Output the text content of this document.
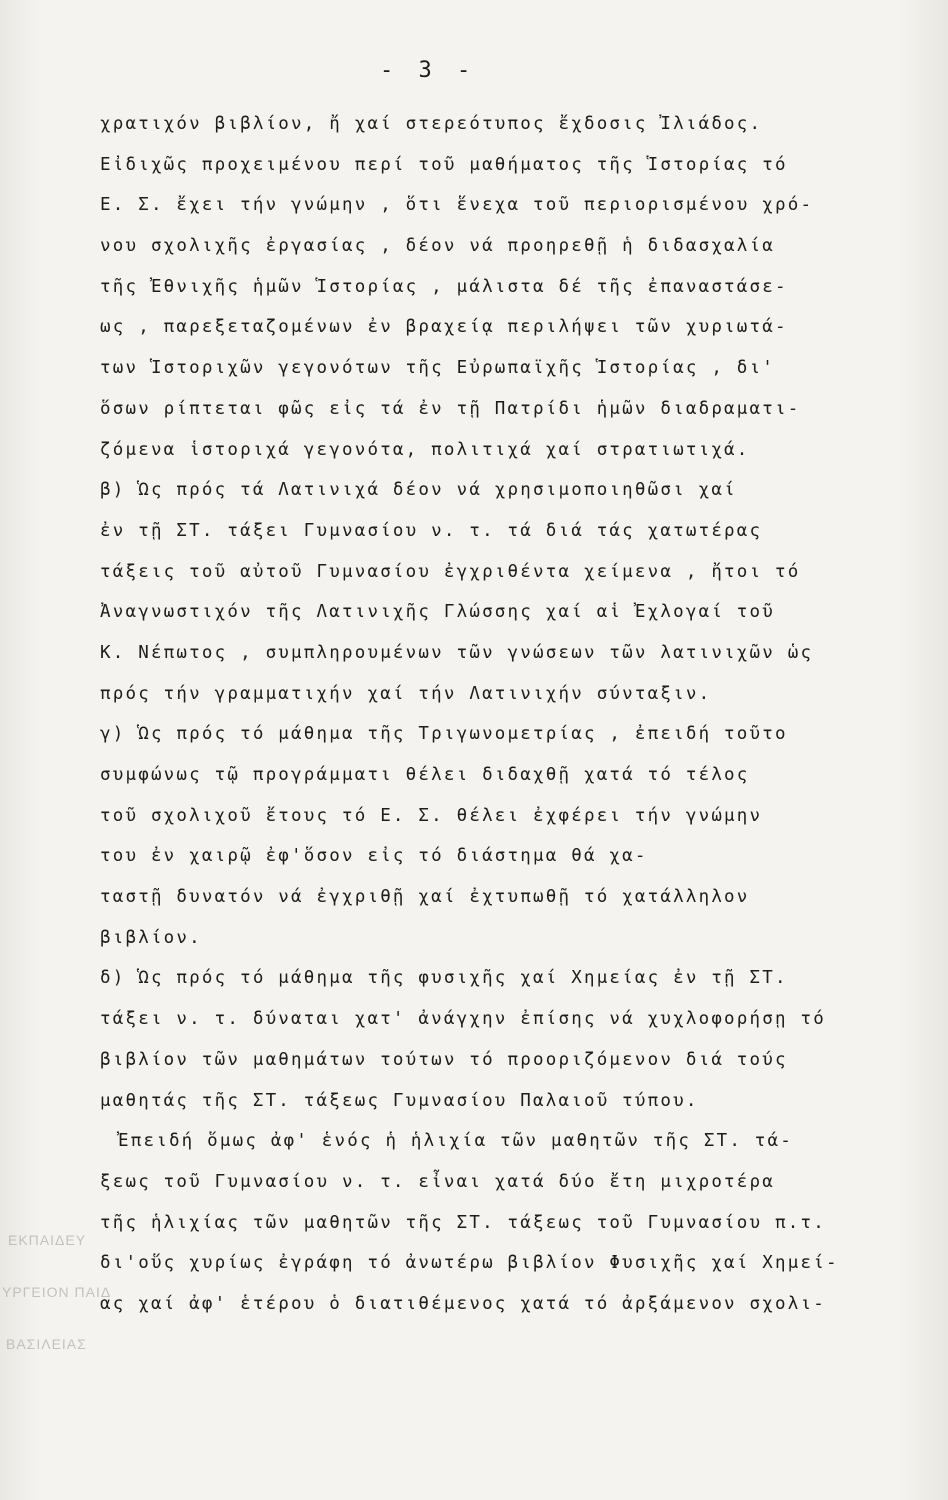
ΕΚΠΑΙΔΕΥ
ΥΡΓΕΙΟΝ ΠΑΙΔ
ΒΑΣΙΛΕΙΑΣ
- 3 -
χρατιχόν βιβλίον, ἤ χαί στερεότυπος ἔχδοσις Ἰλιάδος.
Εἰδιχῶς προχειμένου περί τοῦ μαθήματος τῆς Ἱστορίας τό
Ε. Σ. ἔχει τήν γνώμην , ὅτι ἕνεχα τοῦ περιορισμένου χρό-
νου σχολιχῆς ἐργασίας , δέον νά προηρεθῇ ἡ διδασχαλία
τῆς Ἐθνιχῆς ἡμῶν Ἱστορίας , μάλιστα δέ τῆς ἐπαναστάσε-
ως , παρεξεταζομένων ἐν βραχείᾳ περιλήψει τῶν χυριωτά-
των Ἱστοριχῶν γεγονότων τῆς Εὐρωπαϊχῆς Ἱστορίας , δι'
ὅσων ρίπτεται φῶς εἰς τά ἐν τῇ Πατρίδι ἡμῶν διαδραματι-
ζόμενα ἱστοριχά γεγονότα, πολιτιχά χαί στρατιωτιχά.
β) Ὡς πρός τά Λατινιχά δέον νά χρησιμοποιηθῶσι χαί
ἐν τῇ ΣΤ. τάξει Γυμνασίου ν. τ. τά διά τάς χατωτέρας
τάξεις τοῦ αὐτοῦ Γυμνασίου ἐγχριθέντα χείμενα , ἤτοι τό
Ἀναγνωστιχόν τῆς Λατινιχῆς Γλώσσης χαί αἱ Ἐχλογαί τοῦ
Κ. Νέπωτος , συμπληρουμένων τῶν γνώσεων τῶν λατινιχῶν ὡς
πρός τήν γραμματιχήν χαί τήν Λατινιχήν σύνταξιν.
γ) Ὡς πρός τό μάθημα τῆς Τριγωνομετρίας , ἐπειδή τοῦτο
συμφώνως τῷ προγράμματι θέλει διδαχθῇ χατά τό τέλος
τοῦ σχολιχοῦ ἔτους τό Ε. Σ. θέλει ἐχφέρει τήν γνώμην
του ἐν χαιρῷ ἐφ'ὅσον εἰς τό διάστημα θά χα-
ταστῇ δυνατόν νά ἐγχριθῇ χαί ἐχτυπωθῇ τό χατάλληλον
βιβλίον.
δ) Ὡς πρός τό μάθημα τῆς φυσιχῆς χαί Χημείας ἐν τῇ ΣΤ.
τάξει ν. τ. δύναται χατ' ἀνάγχην ἐπίσης νά χυχλοφορήσῃ τό
βιβλίον τῶν μαθημάτων τούτων τό προοριζόμενον διά τούς
μαθητάς τῆς ΣΤ. τάξεως Γυμνασίου Παλαιοῦ τύπου.
Ἐπειδή ὅμως ἀφ' ἑνός ἡ ἡλιχία τῶν μαθητῶν τῆς ΣΤ. τά-
ξεως τοῦ Γυμνασίου ν. τ. εἶναι χατά δύο ἔτη μιχροτέρα
τῆς ἡλιχίας τῶν μαθητῶν τῆς ΣΤ. τάξεως τοῦ Γυμνασίου π.τ.
δι'οὕς χυρίως ἐγράφη τό ἀνωτέρω βιβλίον Φυσιχῆς χαί Χημεί-
ας χαί ἀφ' ἑτέρου ὁ διατιθέμενος χατά τό ἀρξάμενον σχολι-
